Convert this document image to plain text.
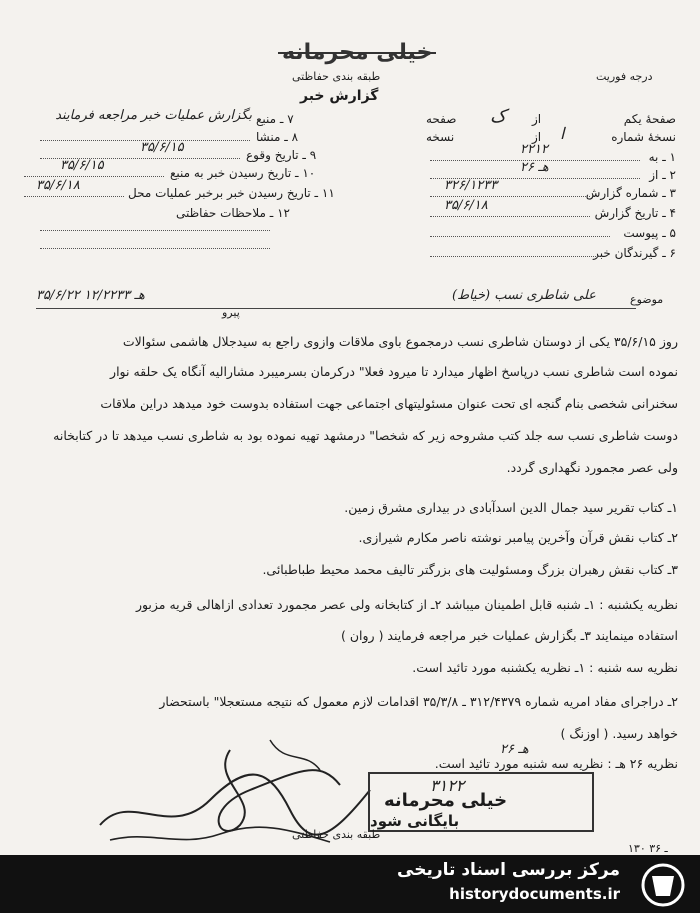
خیلی محرمانه
طبقه بندی حفاظتی
گزارش خبر
درجه فوریت
صفحهٔ یکم
از
صفحه ک
نسخهٔ شماره
از
نسخه	ا
۱ ـ به
۲۲۱۲
۲ ـ از
۲۶ هـ
۳ ـ شماره گزارش
۳۲۶/۱۲۳۳
۴ ـ تاریخ گزارش
۳۵/۶/۱۸
۵ ـ پیوست
۶ ـ گیرندگان خبر
۷ ـ منبع
بگزارش عملیات خبر مراجعه فرمایند
۸ ـ منشا
۹ ـ تاریخ وقوع
۳۵/۶/۱۵
۱۰ ـ تاریخ رسیدن خبر به منبع
۳۵/۶/۱۵
۱۱ ـ تاریخ رسیدن خبر برخبر عملیات محل
۳۵/۶/۱۸
۱۲ ـ ملاحظات حفاظتی
موضوع
علی شاطری نسب (خیاط)
۳۵/۶/۲۲ هـ ۱۲/۲۲۳۳
پیرو
روز ۳۵/۶/۱۵ یکی از دوستان شاطری نسب درمجموع باوی ملاقات وازوی راجع به سیدجلال هاشمی سئوالات
نموده است شاطری نسب درپاسخ اظهار میدارد تا میرود فعلا" درکرمان بسرمیبرد مشارالیه آنگاه یک حلقه نوار
سخنرانی شخصی بنام گنجه ای تحت عنوان مسئولیتهای اجتماعی جهت استفاده بدوست خود میدهد دراین ملاقات
دوست شاطری نسب سه جلد کتب مشروحه زیر که شخصا" درمشهد تهیه نموده بود به شاطری نسب میدهد تا در کتابخانه
ولی عصر مجمورد نگهداری گردد.
۱ـ کتاب تقریر سید جمال الدین اسدآبادی در بیداری مشرق زمین.
۲ـ کتاب نقش قرآن وآخرین پیامبر نوشته ناصر مکارم شیرازی.
۳ـ کتاب نقش رهبران بزرگ ومسئولیت های بزرگتر تالیف محمد محیط طباطبائی.
نظریه یکشنبه : ۱ـ شنبه قابل اطمینان میباشد ۲ـ از کتابخانه ولی عصر مجمورد تعدادی ازاهالی قریه مزبور
استفاده مینمایند ۳ـ بگزارش عملیات خبر مراجعه فرمایند ( روان )
نظریه سه شنبه : ۱ـ نظریه یکشنبه مورد تائید است.
۲ـ دراجرای مفاد امریه شماره ۳۱۲/۴۳۷۹ ـ ۳۵/۳/۸ اقدامات لازم معمول که نتیجه مستعجلا" باستحضار
خواهد رسید. ( اوزنگ )
نظریه ۲۶ هـ : نظریه سه شنبه مورد تائید است.
۳۱۲۲
خیلی محرمانه
بایگانی شود
طبقه بندی حفاظتی
۲۶ هـ
۱۳۰ ـ ۳۶
مرکز بررسی اسناد تاریخی
historydocuments.ir
